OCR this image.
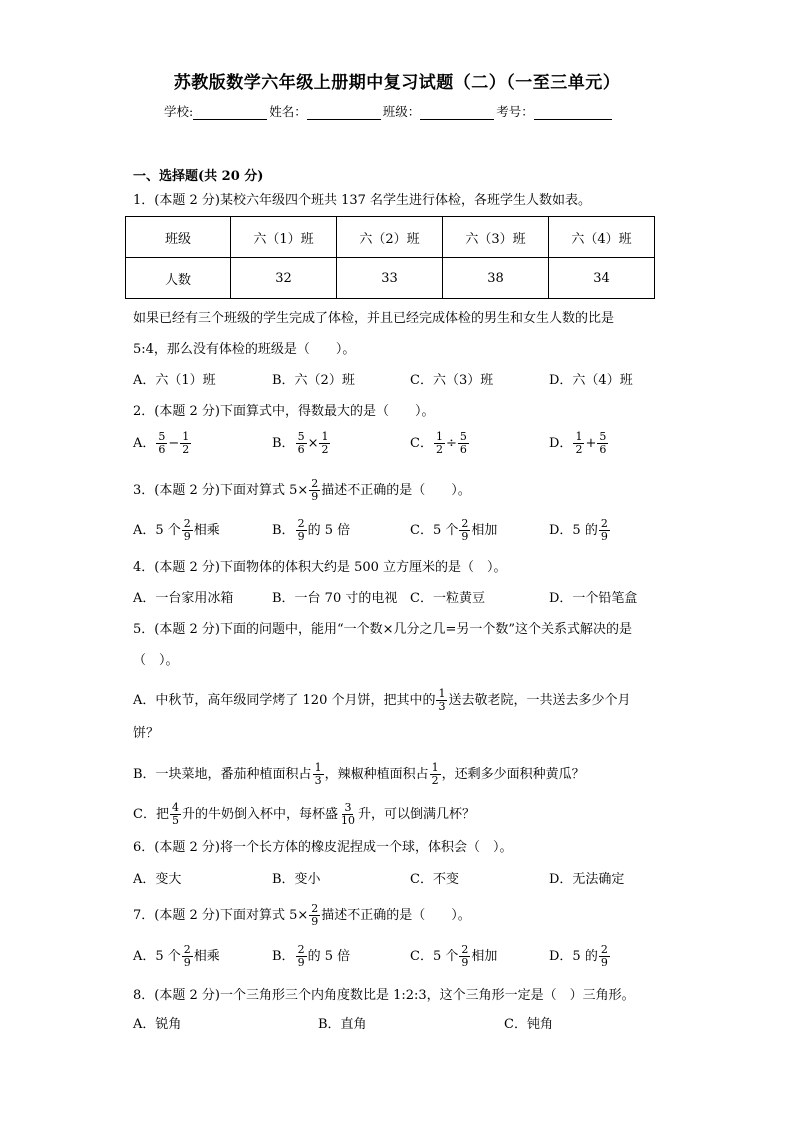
苏教版数学六年级上册期中复习试题（二）（一至三单元）
学校:	姓名：	班级：	考号：
一、选择题(共 20 分)
1．(本题 2 分)某校六年级四个班共 137 名学生进行体检，各班学生人数如表。
班级	六（1）班	六（2）班	六（3）班	六（4）班
人数	32	33	38	34
如果已经有三个班级的学生完成了体检，并且已经完成体检的男生和女生人数的比是
5:4，那么没有体检的班级是（　　）。
A．六（1）班	B．六（2）班	C．六（3）班	D．六（4）班
2．(本题 2 分)下面算式中，得数最大的是（　　）。
A． $\frac{5}{6} - \frac{1}{2}$	B． $\frac{5}{6} \times \frac{1}{2}$	C． $\frac{1}{2} \div \frac{5}{6}$	D． $\frac{1}{2} + \frac{5}{6}$
3．(本题 2 分)下面对算式 $5\times \frac{2}{9}$ 描述不正确的是（　　）。
A．5 个 $\frac{2}{9}$ 相乘	B． $\frac{2}{9}$ 的 5 倍	C．5 个 $\frac{2}{9}$ 相加	D．5 的 $\frac{2}{9}$
4．(本题 2 分)下面物体的体积大约是 500 立方厘米的是（　）。
A．一台家用冰箱	B．一台 70 寸的电视 C．一粒黄豆	D．一个铅笔盒
5．(本题 2 分)下面的问题中，能用“一个数×几分之几=另一个数”这个关系式解决的是
（　）。
A．中秋节，高年级同学烤了 120 个月饼，把其中的 $\frac{1}{3}$ 送去敬老院，一共送去多少个月
饼？
B．一块菜地，番茄种植面积占 $\frac{1}{3}$ ，辣椒种植面积占 $\frac{1}{2}$ ，还剩多少面积种黄瓜？
C．把 $\frac{4}{5}$ 升的牛奶倒入杯中，每杯盛 $\frac{3}{10}$ 升，可以倒满几杯？
6．(本题 2 分)将一个长方体的橡皮泥捏成一个球，体积会（　）。
A．变大	B．变小	C．不变	D．无法确定
7．(本题 2 分)下面对算式 $5\times \frac{2}{9}$ 描述不正确的是（　　）。
A．5 个 $\frac{2}{9}$ 相乘	B． $\frac{2}{9}$ 的 5 倍	C．5 个 $\frac{2}{9}$ 相加	D．5 的 $\frac{2}{9}$
8．(本题 2 分)一个三角形三个内角度数比是 1:2:3，这个三角形一定是（　）三角形。
A．锐角	B．直角	C．钝角
